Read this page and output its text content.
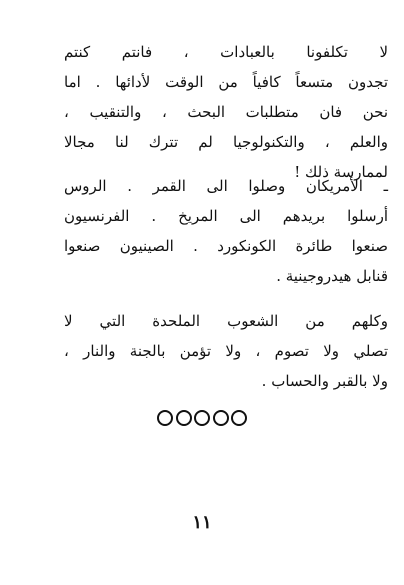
لا تكلفونا بالعبادات ، فانتم كنتم
تجدون متسعاً كافياً من الوقت لأدائها . اما
نحن فان متطلبات البحث ، والتنقيب ،
والعلم ، والتكنولوجيا لم تترك لنا مجالا
لممارسة ذلك !
ـ الأمريكان وصلوا الى القمر . الروس
أرسلوا بريدهم الى المريخ . الفرنسيون
صنعوا طائرة الكونكورد . الصينيون صنعوا
قنابل هيدروجينية .
وكلهم من الشعوب الملحدة التي لا
تصلي ولا تصوم ، ولا تؤمن بالجنة والنار ،
ولا بالقبر والحساب .
١١
